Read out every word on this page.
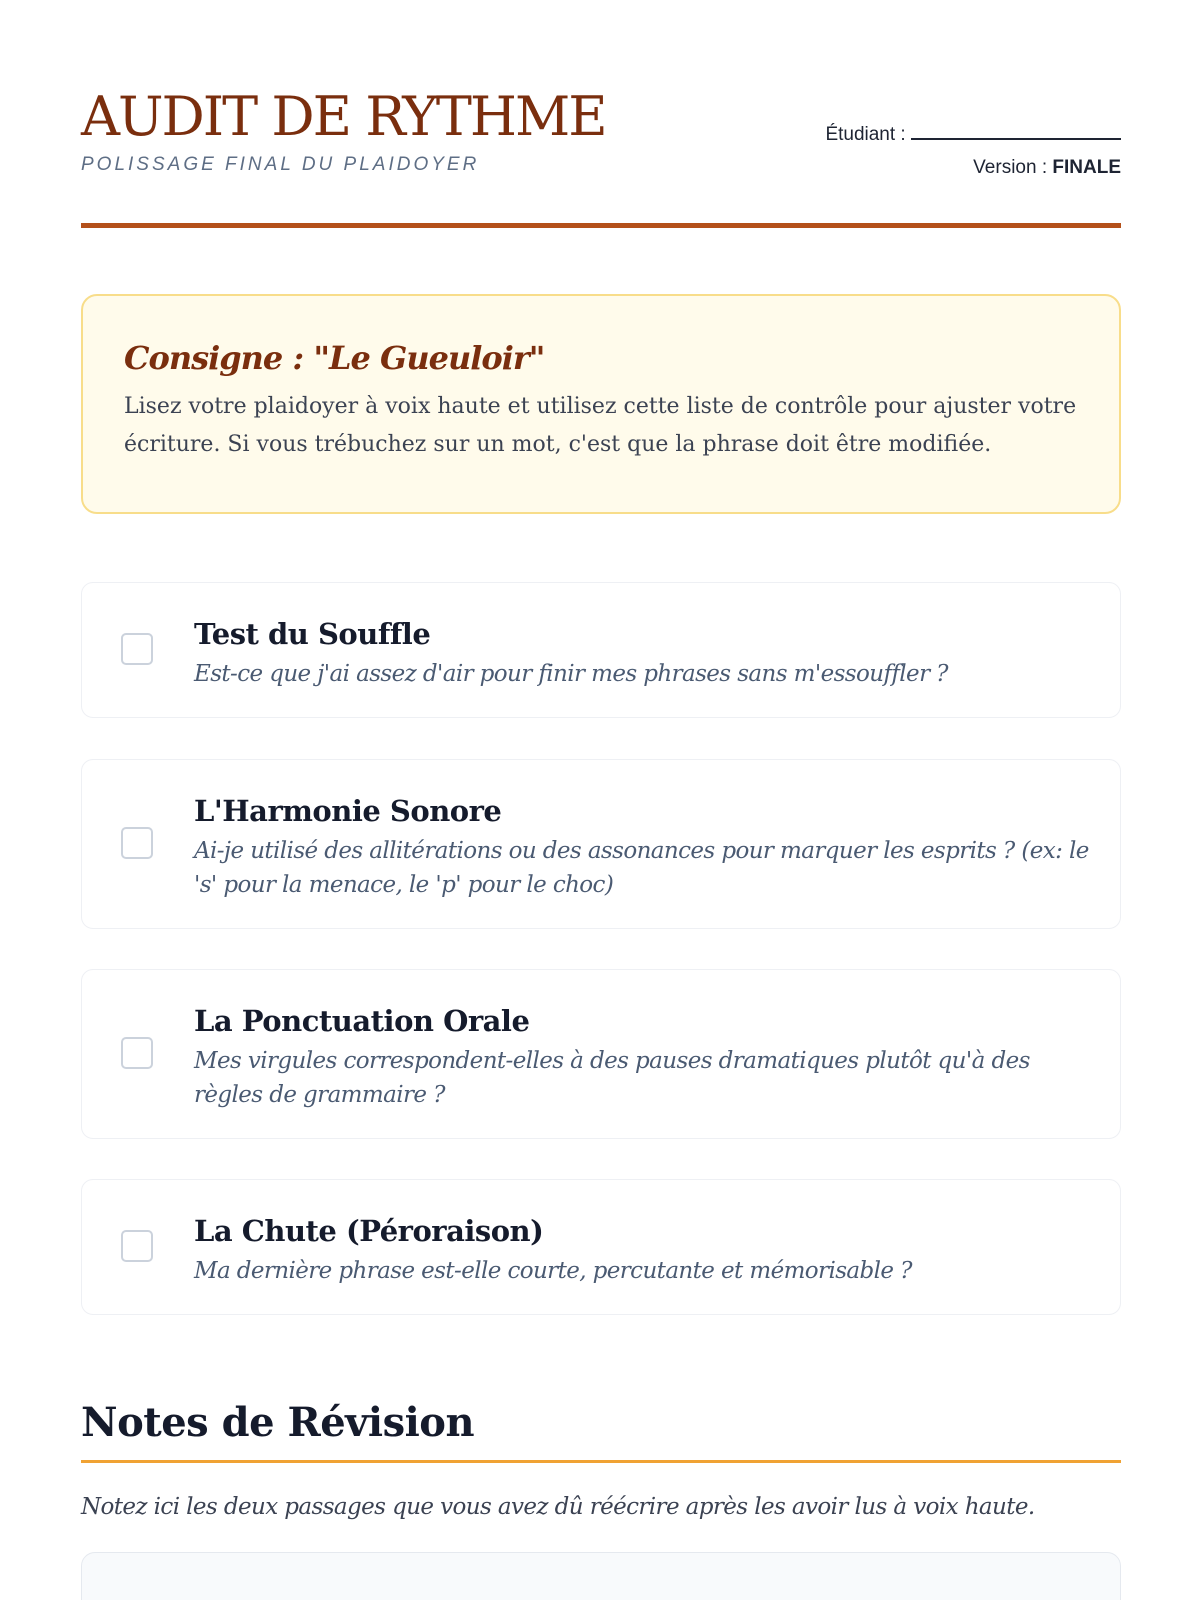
AUDIT DE RYTHME
POLISSAGE FINAL DU PLAIDOYER
Étudiant :
Version : FINALE
Consigne : "Le Gueuloir"

Lisez votre plaidoyer à voix haute et utilisez cette liste de contrôle pour ajuster votre écriture. Si vous trébuchez sur un mot, c'est que la phrase doit être modifiée.

Test du Souffle
Est-ce que j'ai assez d'air pour finir mes phrases sans m'essouffler ?
L'Harmonie Sonore
Ai-je utilisé des allitérations ou des assonances pour marquer les esprits ? (ex: le 's' pour la menace, le 'p' pour le choc)
La Ponctuation Orale
Mes virgules correspondent-elles à des pauses dramatiques plutôt qu'à des règles de grammaire ?
La Chute (Péroraison)
Ma dernière phrase est-elle courte, percutante et mémorisable ?
Notes de Révision

Notez ici les deux passages que vous avez dû réécrire après les avoir lus à voix haute.
